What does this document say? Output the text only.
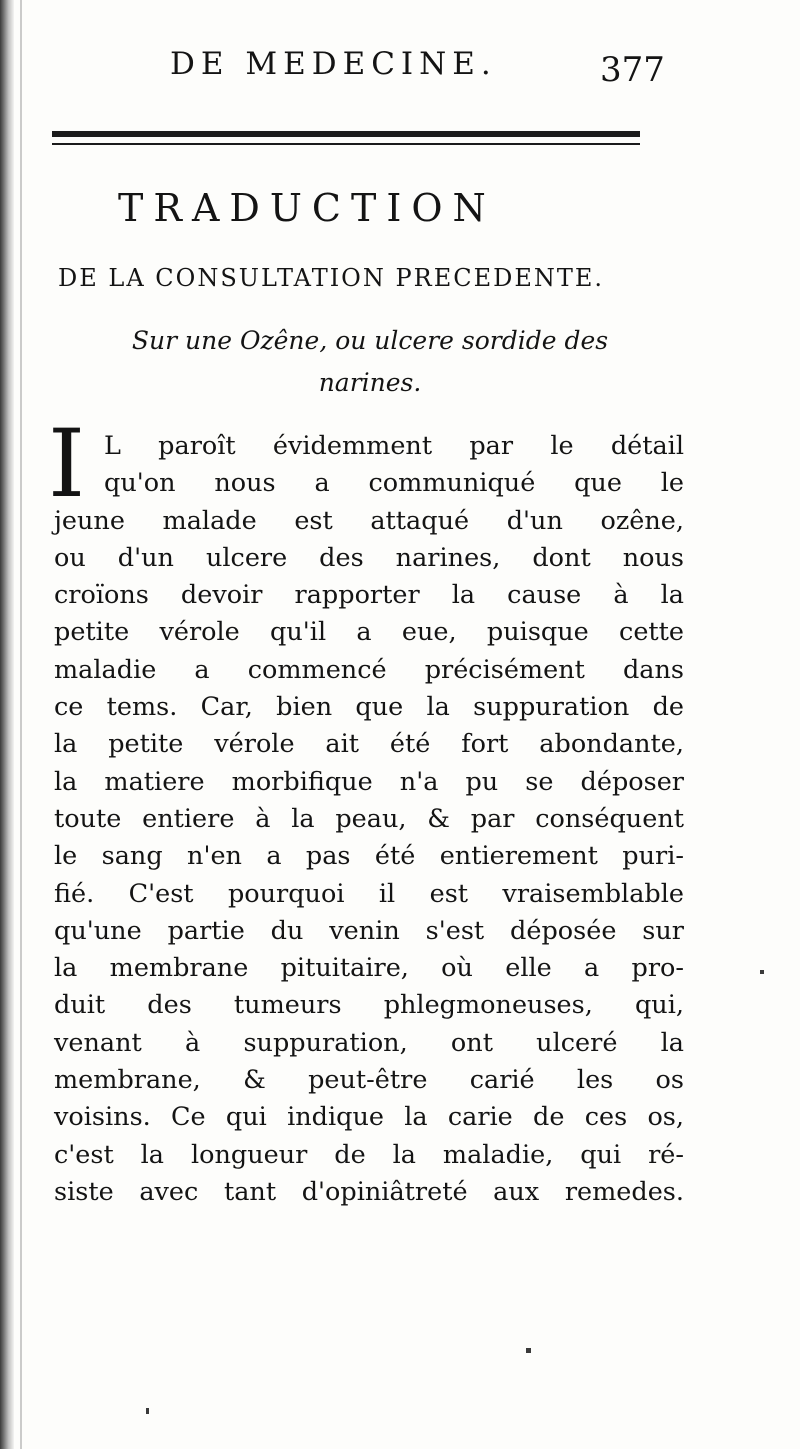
DE MEDECINE.	377
TRADUCTION
DE LA CONSULTATION PRECEDENTE.
Sur une Ozêne, ou ulcere sordide des narines.
I L paroît évidemment par le détail
qu'on nous a communiqué que le
jeune malade est attaqué d'un ozêne,
ou d'un ulcere des narines, dont nous
croïons devoir rapporter la cause à la
petite vérole qu'il a eue, puisque cette
maladie a commencé précisément dans
ce tems. Car, bien que la suppuration de
la petite vérole ait été fort abondante,
la matiere morbifique n'a pu se déposer
toute entiere à la peau, & par conséquent
le sang n'en a pas été entierement puri-
fié. C'est pourquoi il est vraisemblable
qu'une partie du venin s'est déposée sur
la membrane pituitaire, où elle a pro-
duit des tumeurs phlegmoneuses, qui,
venant à suppuration, ont ulceré la
membrane, & peut-être carié les os
voisins. Ce qui indique la carie de ces os,
c'est la longueur de la maladie, qui ré-
siste avec tant d'opiniâtreté aux remedes.
